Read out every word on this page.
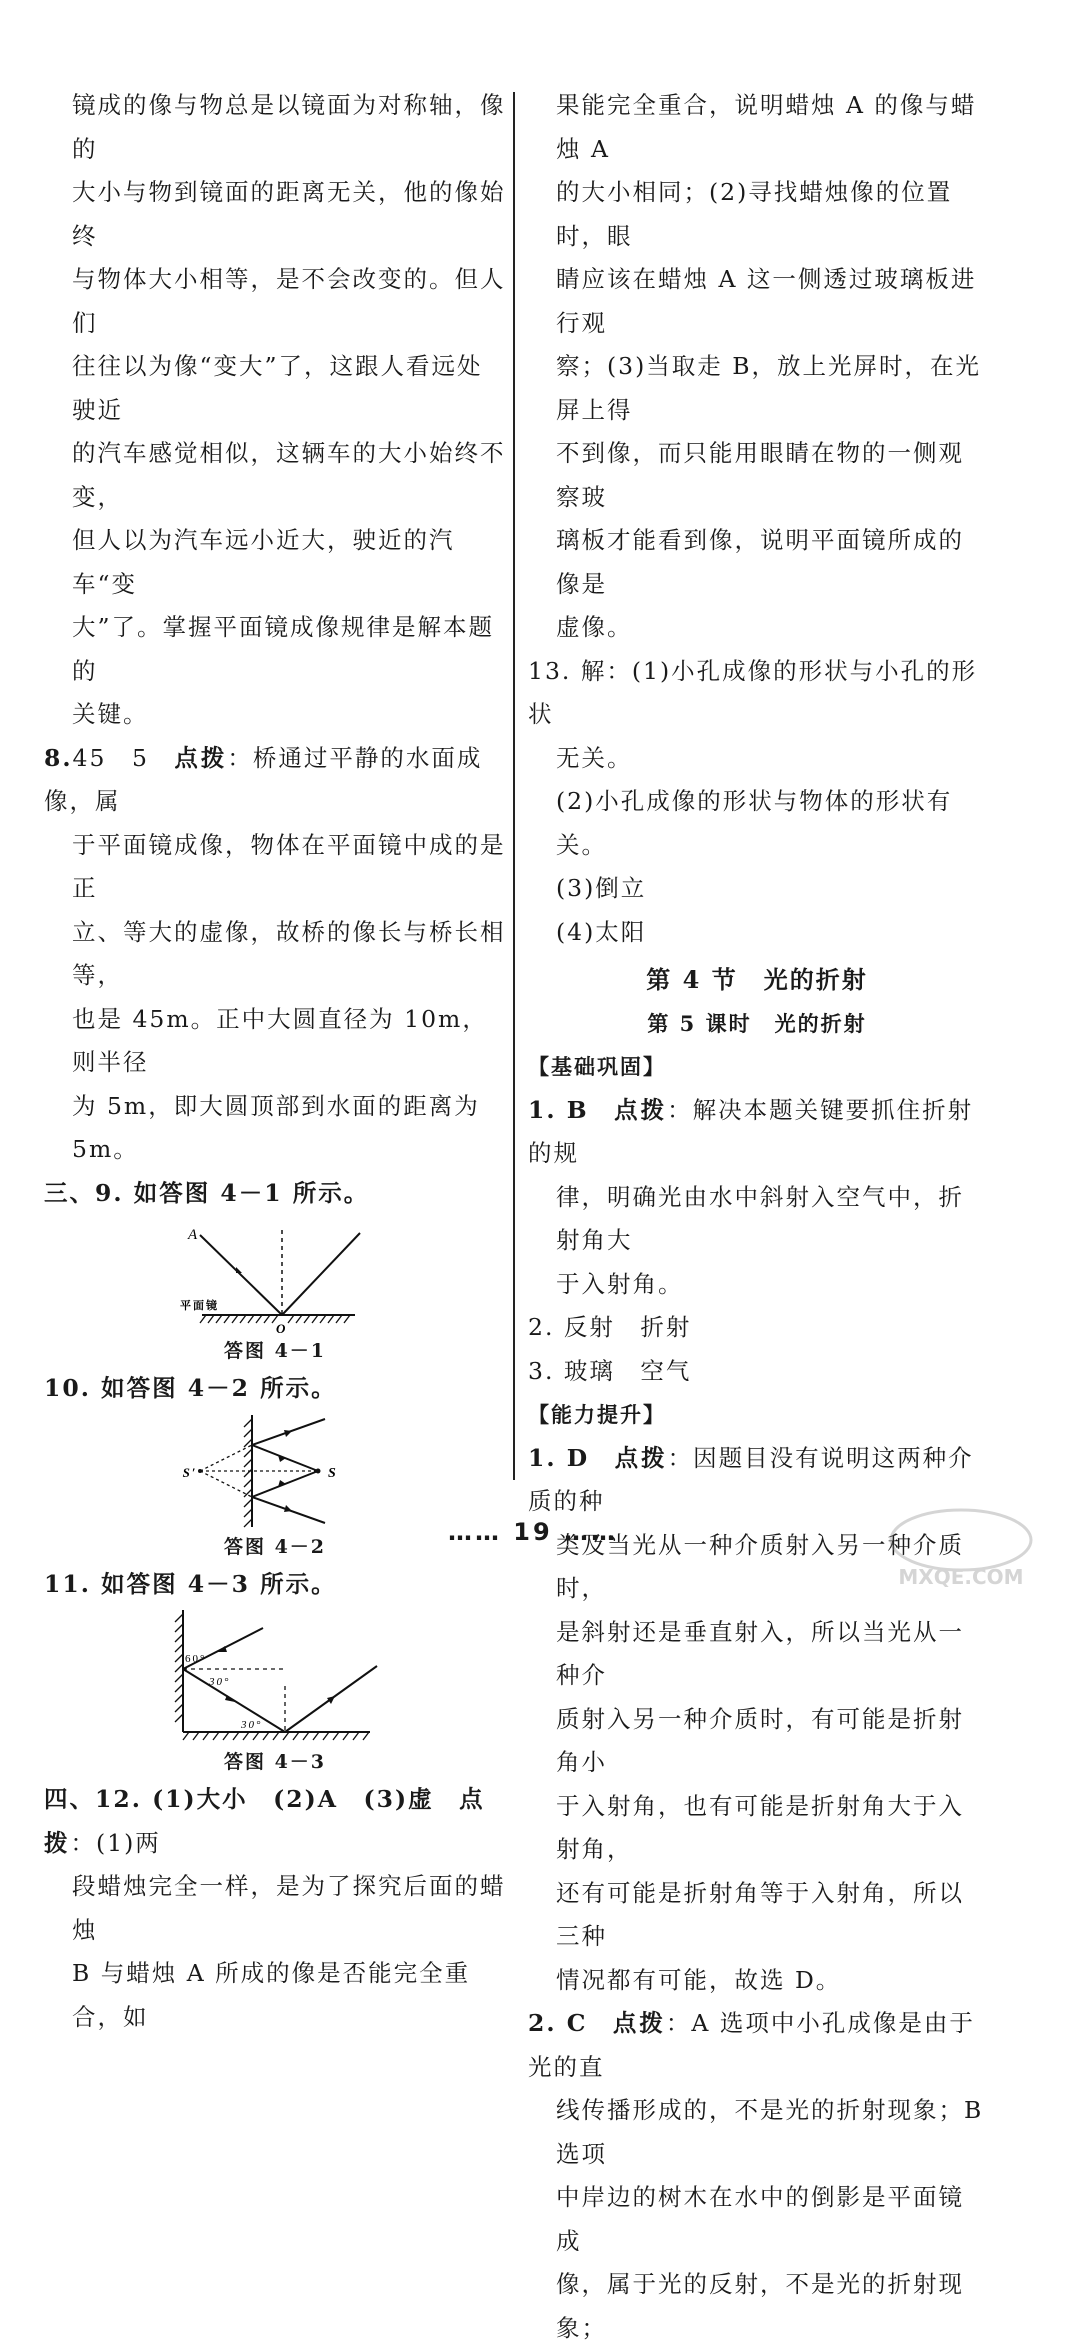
镜成的像与物总是以镜面为对称轴，像的

大小与物到镜面的距离无关，他的像始终

与物体大小相等，是不会改变的。但人们

往往以为像“变大”了，这跟人看远处驶近

的汽车感觉相似，这辆车的大小始终不变，

但人以为汽车远小近大，驶近的汽车“变

大”了。掌握平面镜成像规律是解本题的

关键。

8.45　5　点拨：桥通过平静的水面成像，属

于平面镜成像，物体在平面镜中成的是正

立、等大的虚像，故桥的像长与桥长相等，

也是 45m。正中大圆直径为 10m，则半径

为 5m，即大圆顶部到水面的距离为 5m。

三、9. 如答图 4－1 所示。

A
平面镜
O

答图 4－1

10. 如答图 4－2 所示。

S′	S

答图 4－2

11. 如答图 4－3 所示。

60°
30°
30°

答图 4－3

四、12. (1)大小　(2)A　(3)虚　点拨：(1)两

段蜡烛完全一样，是为了探究后面的蜡烛

B 与蜡烛 A 所成的像是否能完全重合，如

果能完全重合，说明蜡烛 A 的像与蜡烛 A

的大小相同；(2)寻找蜡烛像的位置时，眼

睛应该在蜡烛 A 这一侧透过玻璃板进行观

察；(3)当取走 B，放上光屏时，在光屏上得

不到像，而只能用眼睛在物的一侧观察玻

璃板才能看到像，说明平面镜所成的像是

虚像。

13. 解：(1)小孔成像的形状与小孔的形状

无关。

(2)小孔成像的形状与物体的形状有关。

(3)倒立

(4)太阳

第 4 节　光的折射

第 5 课时　光的折射

【基础巩固】

1. B　点拨：解决本题关键要抓住折射的规

律，明确光由水中斜射入空气中，折射角大

于入射角。

2. 反射　折射

3. 玻璃　空气

【能力提升】

1. D　点拨：因题目没有说明这两种介质的种

类及当光从一种介质射入另一种介质时，

是斜射还是垂直射入，所以当光从一种介

质射入另一种介质时，有可能是折射角小

于入射角，也有可能是折射角大于入射角，

还有可能是折射角等于入射角，所以三种

情况都有可能，故选 D。

2. C　点拨：A 选项中小孔成像是由于光的直

线传播形成的，不是光的折射现象；B 选项

中岸边的树木在水中的倒影是平面镜成

像，属于光的反射，不是光的折射现象；

…… 19 ……
MXQE.COM
